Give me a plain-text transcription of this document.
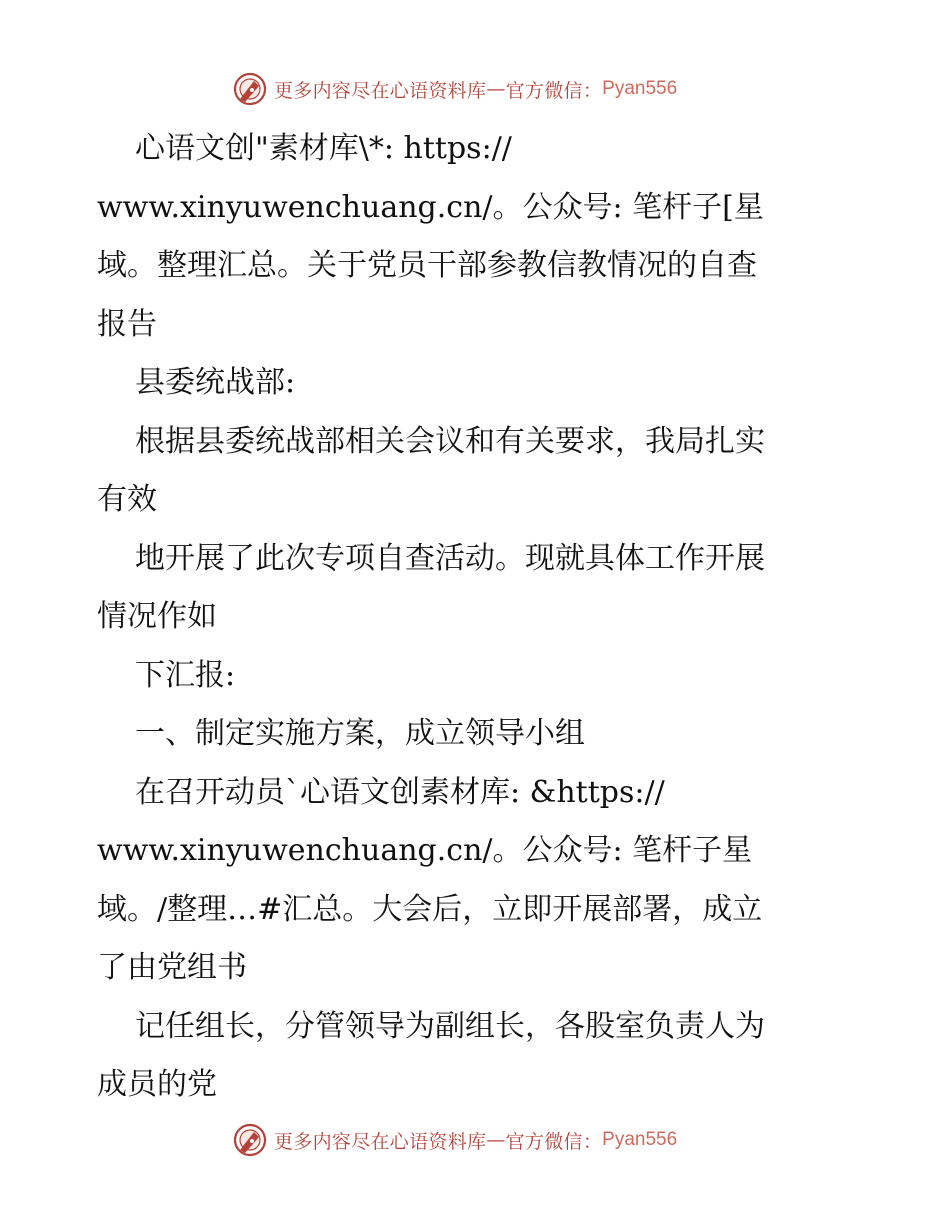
更多内容尽在心语资料库 — 官方微信： Pyan556
心语文创"素材库\*: https://
www.xinyuwenchuang.cn/。公众号: 笔杆子[星
域。整理汇总。关于党员干部参教信教情况的自查
报告
县委统战部:
根据县委统战部相关会议和有关要求，我局扎实
有效
地开展了此次专项自查活动。现就具体工作开展
情况作如
下汇报:
一、制定实施方案，成立领导小组
在召开动员`心语文创素材库: &https://
www.xinyuwenchuang.cn/。公众号: 笔杆子星
域。/整理…#汇总。大会后，立即开展部署，成立
了由党组书
记任组长，分管领导为副组长，各股室负责人为
成员的党
更多内容尽在心语资料库 — 官方微信： Pyan556
